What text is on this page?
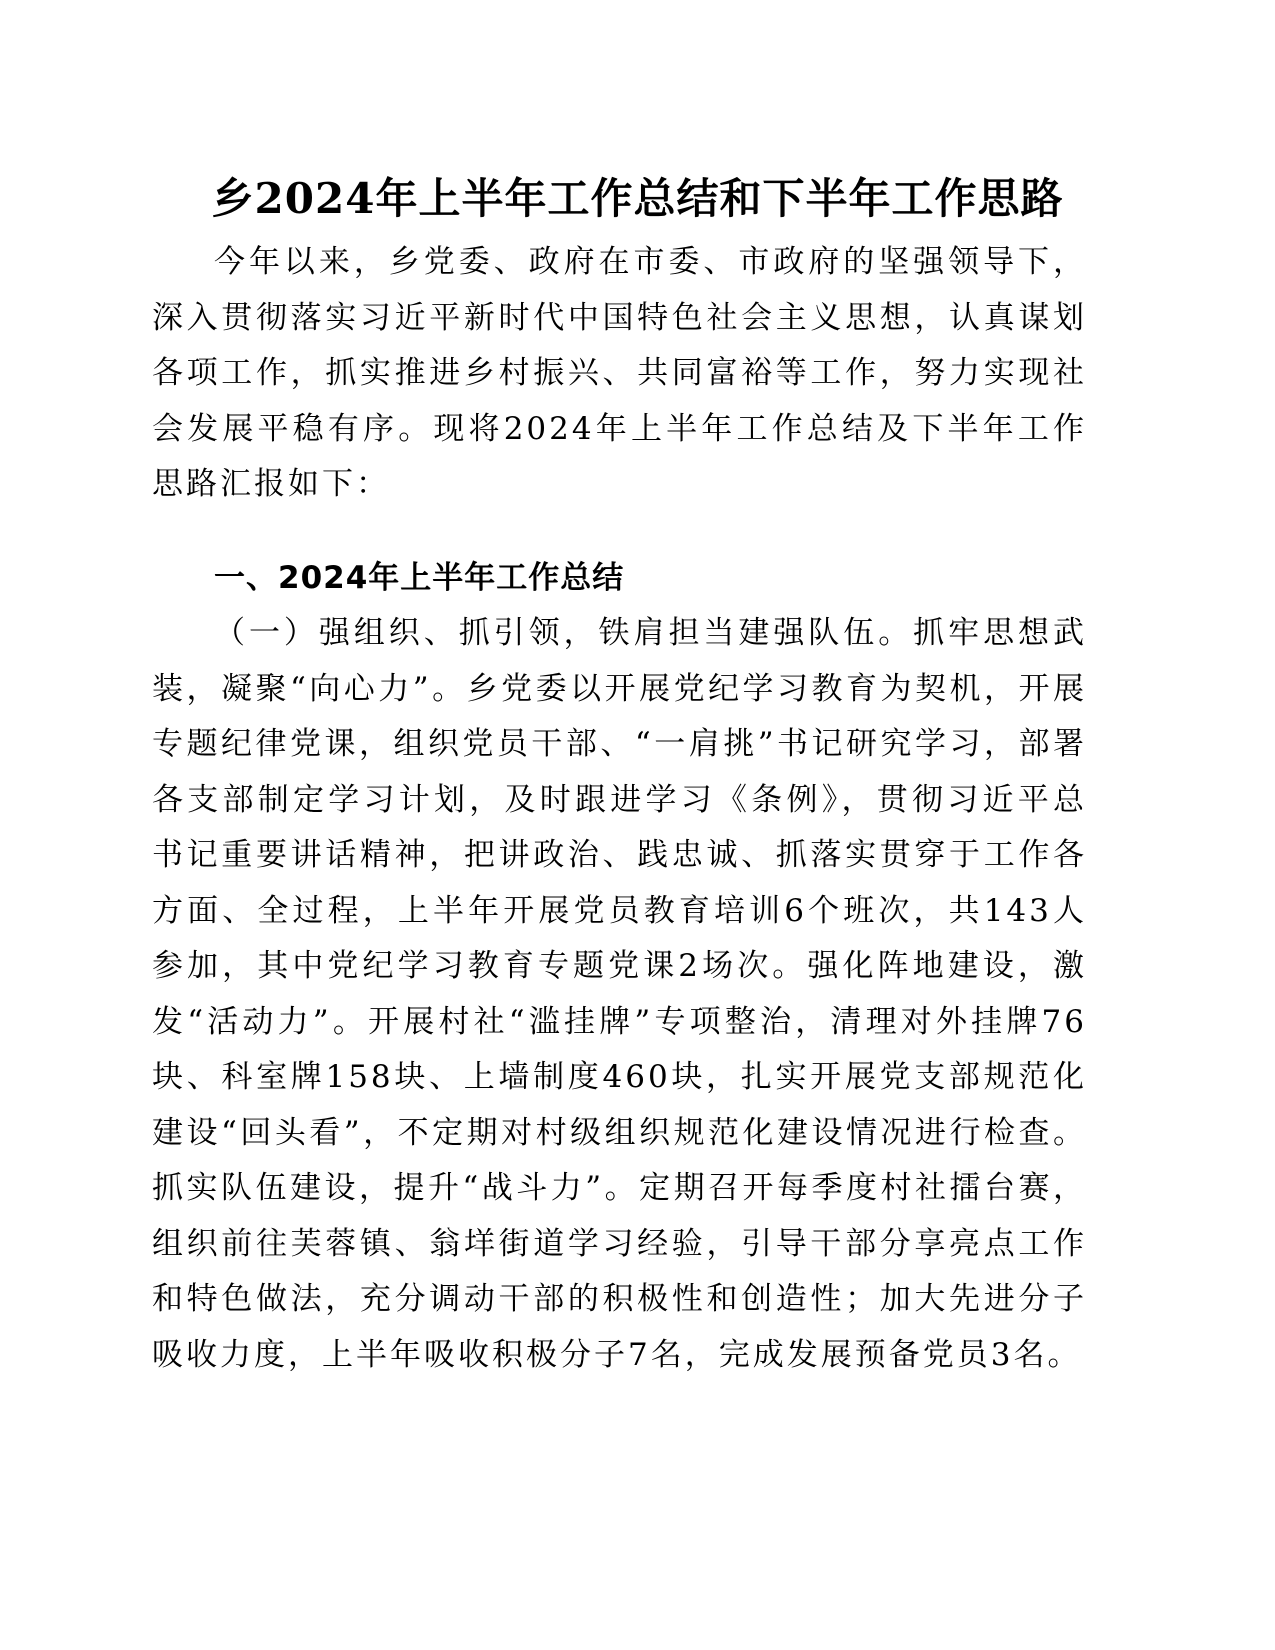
乡2024年上半年工作总结和下半年工作思路

今年以来，乡党委、政府在市委、市政府的坚强领导下，深入贯彻落实习近平新时代中国特色社会主义思想，认真谋划各项工作，抓实推进乡村振兴、共同富裕等工作，努力实现社会发展平稳有序。现将2024年上半年工作总结及下半年工作思路汇报如下：

一、2024年上半年工作总结

（一）强组织、抓引领，铁肩担当建强队伍。抓牢思想武装，凝聚“向心力”。乡党委以开展党纪学习教育为契机，开展专题纪律党课，组织党员干部、“一肩挑”书记研究学习，部署各支部制定学习计划，及时跟进学习《条例》，贯彻习近平总书记重要讲话精神，把讲政治、践忠诚、抓落实贯穿于工作各方面、全过程，上半年开展党员教育培训6个班次，共143人参加，其中党纪学习教育专题党课2场次。强化阵地建设，激发“活动力”。开展村社“滥挂牌”专项整治，清理对外挂牌76块、科室牌158块、上墙制度460块，扎实开展党支部规范化建设“回头看”，不定期对村级组织规范化建设情况进行检查。抓实队伍建设，提升“战斗力”。定期召开每季度村社擂台赛，组织前往芙蓉镇、翁垟街道学习经验，引导干部分享亮点工作和特色做法，充分调动干部的积极性和创造性；加大先进分子吸收力度，上半年吸收积极分子7名，完成发展预备党员3名。
